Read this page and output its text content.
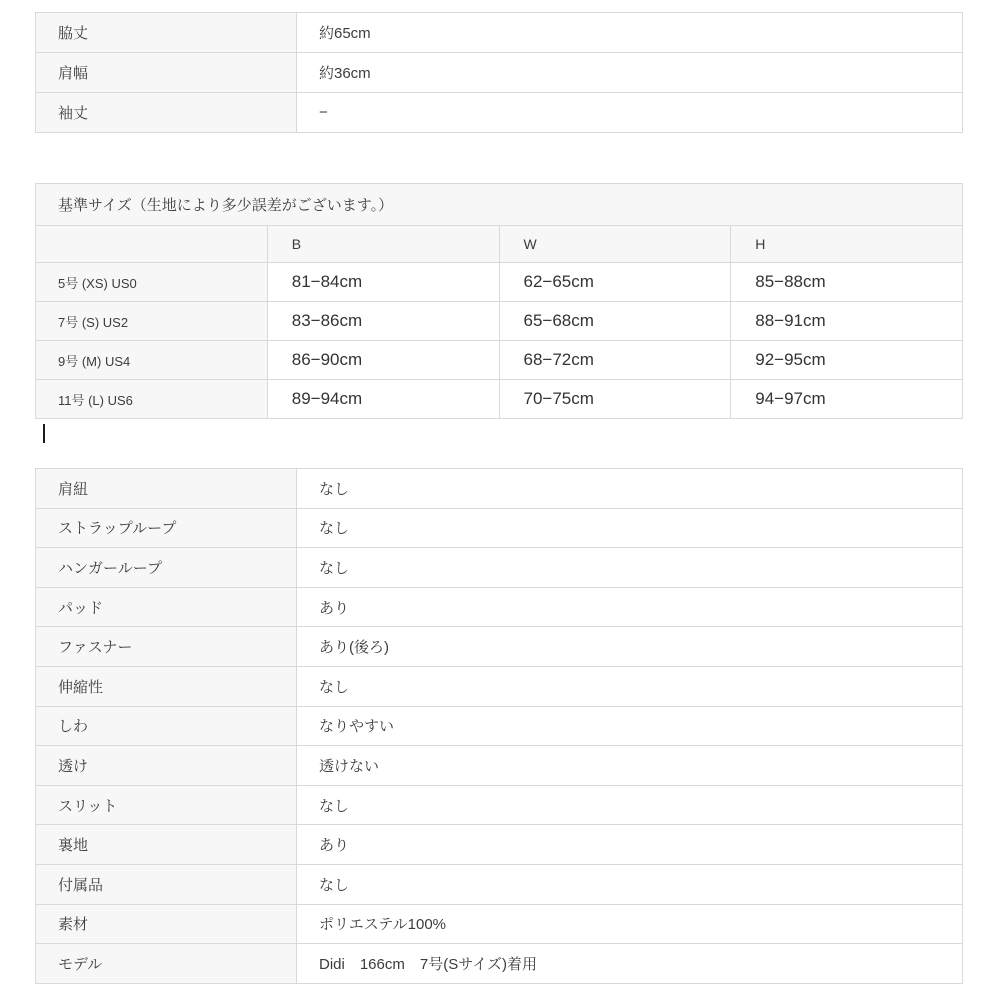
脇丈	約65cm
肩幅	約36cm
袖丈	−
基準サイズ（生地により多少誤差がございます。）			
	B	W	H
5号 (XS) US0	81−84cm	62−65cm	85−88cm
7号 (S) US2	83−86cm	65−68cm	88−91cm
9号 (M) US4	86−90cm	68−72cm	92−95cm
11号 (L) US6	89−94cm	70−75cm	94−97cm
肩紐	なし
ストラップループ	なし
ハンガーループ	なし
パッド	あり
ファスナー	あり(後ろ)
伸縮性	なし
しわ	なりやすい
透け	透けない
スリット	なし
裏地	あり
付属品	なし
素材	ポリエステル100%
モデル	Didi　166cm　7号(Sサイズ)着用
